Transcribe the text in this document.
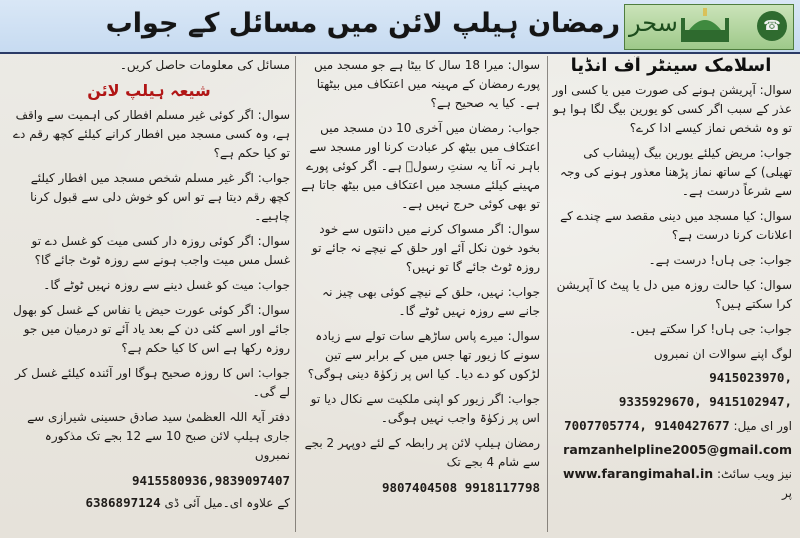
رمضان ہیلپ لائن میں مسائل کے جواب سحر	☎
اسلامک سینٹر آف انڈیا

سوال: آپریشن ہونے کی صورت میں یا کسی اور عذر کے سبب اگر کسی کو یورین بیگ لگا ہوا ہو تو وہ شخص نماز کیسے ادا کرے؟

جواب: مریض کیلئے یورین بیگ (پیشاب کی تھیلی) کے ساتھ نماز پڑھنا معذور ہونے کی وجہ سے شرعاً درست ہے۔

سوال: کیا مسجد میں دینی مقصد سے چندے کے اعلانات کرنا درست ہے؟

جواب: جی ہاں! درست ہے۔

سوال: کیا حالت روزہ میں دل یا پیٹ کا آپریشن کرا سکتے ہیں؟

جواب: جی ہاں! کرا سکتے ہیں۔

لوگ اپنے سوالات ان نمبروں
9415023970,
9335929670, 9415102947,
اور ای میل: 7007705774, 9140427677
ramzanhelpline2005@gmail.com
نیز ویب سائٹ: www.farangimahal.in پر

سوال: میرا 18 سال کا بیٹا ہے جو مسجد میں پورے رمضان کے مہینہ میں اعتکاف میں بیٹھتا ہے۔ کیا یہ صحیح ہے؟

جواب: رمضان میں آخری 10 دن مسجد میں اعتکاف میں بیٹھ کر عبادت کرنا اور مسجد سے باہر نہ آنا یہ سنتِ رسولؐ ہے۔ اگر کوئی پورے مہینے کیلئے مسجد میں اعتکاف میں بیٹھ جاتا ہے تو بھی کوئی حرج نہیں ہے۔

سوال: اگر مسواک کرنے میں دانتوں سے خود بخود خون نکل آئے اور حلق کے نیچے نہ جائے تو روزہ ٹوٹ جائے گا تو نہیں؟

جواب: نہیں، حلق کے نیچے کوئی بھی چیز نہ جانے سے روزہ نہیں ٹوٹے گا۔

سوال: میرے پاس ساڑھے سات تولے سے زیادہ سونے کا زیور تھا جس میں کے برابر سے تین لڑکوں کو دے دیا۔ کیا اس پر زکوٰۃ دینی ہوگی؟

جواب: اگر زیور کو اپنی ملکیت سے نکال دیا تو اس پر زکوٰۃ واجب نہیں ہوگی۔

رمضان ہیلپ لائن پر رابطہ کے لئے دوپہر 2 بجے سے شام 4 بجے تک

9807404508 9918117798

مسائل کی معلومات حاصل کریں۔

شیعہ ہیلپ لائن

سوال: اگر کوئی غیر مسلم افطار کی اہمیت سے واقف ہے، وہ کسی مسجد میں افطار کرانے کیلئے کچھ رقم دے تو کیا حکم ہے؟

جواب: اگر غیر مسلم شخص مسجد میں افطار کیلئے کچھ رقم دیتا ہے تو اس کو خوش دلی سے قبول کرنا چاہیے۔

سوال: اگر کوئی روزہ دار کسی میت کو غسل دے تو غسل مس میت واجب ہونے سے روزہ ٹوٹ جائے گا؟

جواب: میت کو غسل دینے سے روزہ نہیں ٹوٹے گا۔

سوال: اگر کوئی عورت حیض یا نفاس کے غسل کو بھول جائے اور اسے کئی دن کے بعد یاد آئے تو درمیان میں جو روزہ رکھا ہے اس کا کیا حکم ہے؟

جواب: اس کا روزہ صحیح ہوگا اور آئندہ کیلئے غسل کر لے گی۔

دفتر آیۃ اللہ العظمیٰ سید صادق حسینی شیرازی سے جاری ہیلپ لائن صبح 10 سے 12 بجے تک مذکورہ نمبروں

9415580936,9839097407
کے علاوہ ای۔میل آئی ڈی 6386897124
